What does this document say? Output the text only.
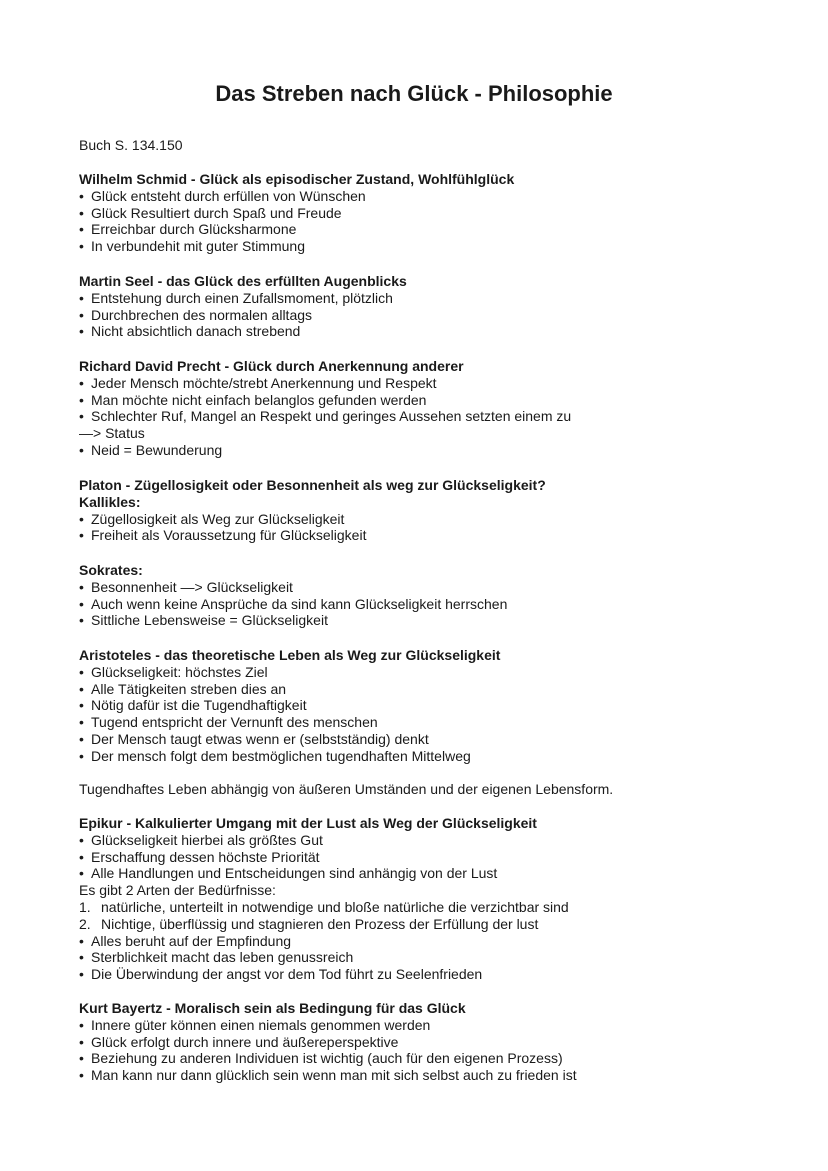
Das Streben nach Glück - Philosophie

Buch S. 134.150

Wilhelm Schmid - Glück als episodischer Zustand, Wohlfühlglück

• Glück entsteht durch erfüllen von Wünschen

• Glück Resultiert durch Spaß und Freude

• Erreichbar durch Glücksharmone

• In verbundehit mit guter Stimmung

Martin Seel - das Glück des erfüllten Augenblicks

• Entstehung durch einen Zufallsmoment, plötzlich

• Durchbrechen des normalen alltags

• Nicht absichtlich danach strebend

Richard David Precht - Glück durch Anerkennung anderer

• Jeder Mensch möchte/strebt Anerkennung und Respekt

• Man möchte nicht einfach belanglos gefunden werden

• Schlechter Ruf, Mangel an Respekt und geringes Aussehen setzten einem zu

—> Status

• Neid = Bewunderung

Platon - Zügellosigkeit oder Besonnenheit als weg zur Glückseligkeit?

Kallikles:

• Zügellosigkeit als Weg zur Glückseligkeit

• Freiheit als Voraussetzung für Glückseligkeit

Sokrates:

• Besonnenheit —> Glückseligkeit

• Auch wenn keine Ansprüche da sind kann Glückseligkeit herrschen

• Sittliche Lebensweise = Glückseligkeit

Aristoteles - das theoretische Leben als Weg zur Glückseligkeit

• Glückseligkeit: höchstes Ziel

• Alle Tätigkeiten streben dies an

• Nötig dafür ist die Tugendhaftigkeit

• Tugend entspricht der Vernunft des menschen

• Der Mensch taugt etwas wenn er (selbstständig) denkt

• Der mensch folgt dem bestmöglichen tugendhaften Mittelweg

Tugendhaftes Leben abhängig von äußeren Umständen und der eigenen Lebensform.

Epikur - Kalkulierter Umgang mit der Lust als Weg der Glückseligkeit

• Glückseligkeit hierbei als größtes Gut

• Erschaffung dessen höchste Priorität

• Alle Handlungen und Entscheidungen sind anhängig von der Lust

Es gibt 2 Arten der Bedürfnisse:

1. natürliche, unterteilt in notwendige und bloße natürliche die verzichtbar sind

2. Nichtige, überflüssig und stagnieren den Prozess der Erfüllung der lust

• Alles beruht auf der Empfindung

• Sterblichkeit macht das leben genussreich

• Die Überwindung der angst vor dem Tod führt zu Seelenfrieden

Kurt Bayertz - Moralisch sein als Bedingung für das Glück

• Innere güter können einen niemals genommen werden

• Glück erfolgt durch innere und äußereperspektive

• Beziehung zu anderen Individuen ist wichtig (auch für den eigenen Prozess)

• Man kann nur dann glücklich sein wenn man mit sich selbst auch zu frieden ist
